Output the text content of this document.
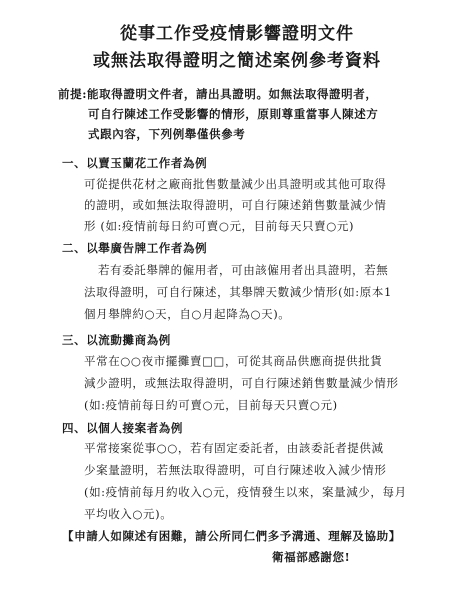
從事工作受疫情影響證明文件
或無法取得證明之簡述案例參考資料
前提:能取得證明文件者，請出具證明。如無法取得證明者，
可自行陳述工作受影響的情形，原則尊重當事人陳述方
式跟內容，下列例舉僅供參考
一、以賣玉蘭花工作者為例
可從提供花材之廠商批售數量減少出具證明或其他可取得
的證明，或如無法取得證明，可自行陳述銷售數量減少情
形 (如:疫情前每日約可賣○元，目前每天只賣○元)
二、以舉廣告牌工作者為例
若有委託舉牌的僱用者，可由該僱用者出具證明，若無
法取得證明，可自行陳述，其舉牌天數減少情形(如:原本1
個月舉牌約○天，自○月起降為○天)。
三、以流動攤商為例
平常在○○夜市擺攤賣□□，可從其商品供應商提供批貨
減少證明，或無法取得證明，可自行陳述銷售數量減少情形
(如:疫情前每日約可賣○元，目前每天只賣○元)
四、以個人接案者為例
平常接案從事○○，若有固定委託者，由該委託者提供減
少案量證明，若無法取得證明，可自行陳述收入減少情形
(如:疫情前每月約收入○元，疫情發生以來，案量減少，每月
平均收入○元)。
【申請人如陳述有困難，請公所同仁們多予溝通、理解及協助】
衛福部感謝您!
